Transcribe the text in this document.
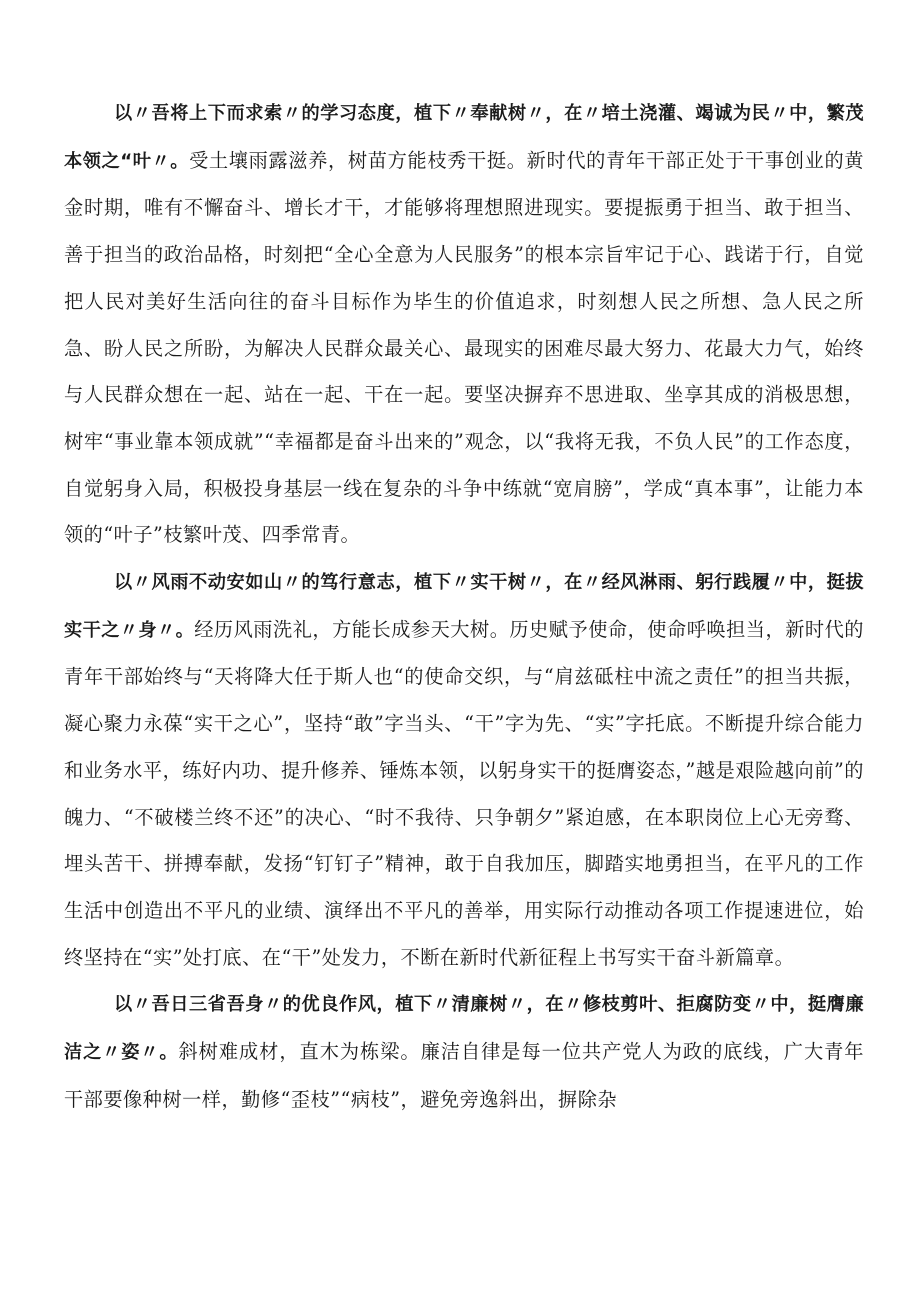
以〃吾将上下而求索〃的学习态度，植下〃奉献树〃，在〃培土浇灌、竭诚为民〃中，繁茂本领之“叶〃。受土壤雨露滋养，树苗方能枝秀干挺。新时代的青年干部正处于干事创业的黄金时期，唯有不懈奋斗、增长才干，才能够将理想照进现实。要提振勇于担当、敢于担当、善于担当的政治品格，时刻把“全心全意为人民服务”的根本宗旨牢记于心、践诺于行，自觉把人民对美好生活向往的奋斗目标作为毕生的价值追求，时刻想人民之所想、急人民之所急、盼人民之所盼，为解决人民群众最关心、最现实的困难尽最大努力、花最大力气，始终与人民群众想在一起、站在一起、干在一起。要坚决摒弃不思进取、坐享其成的消极思想，树牢“事业靠本领成就”“幸福都是奋斗出来的”观念，以“我将无我，不负人民”的工作态度，自觉躬身入局，积极投身基层一线在复杂的斗争中练就“宽肩膀”，学成“真本事”，让能力本领的“叶子”枝繁叶茂、四季常青。

以〃风雨不动安如山〃的笃行意志，植下〃实干树〃，在〃经风淋雨、躬行践履〃中，挺拔实干之〃身〃。经历风雨洗礼，方能长成参天大树。历史赋予使命，使命呼唤担当，新时代的青年干部始终与“天将降大任于斯人也“的使命交织，与“肩兹砥柱中流之责任”的担当共振，凝心聚力永葆“实干之心”，坚持“敢”字当头、“干”字为先、“实”字托底。不断提升综合能力和业务水平，练好内功、提升修养、锤炼本领，以躬身实干的挺膺姿态，”越是艰险越向前”的魄力、“不破楼兰终不还”的决心、“时不我待、只争朝夕”紧迫感，在本职岗位上心无旁骛、埋头苦干、拼搏奉献，发扬“钉钉子”精神，敢于自我加压，脚踏实地勇担当，在平凡的工作生活中创造出不平凡的业绩、演绎出不平凡的善举，用实际行动推动各项工作提速进位，始终坚持在“实”处打底、在“干”处发力，不断在新时代新征程上书写实干奋斗新篇章。

以〃吾日三省吾身〃的优良作风，植下〃清廉树〃，在〃修枝剪叶、拒腐防变〃中，挺膺廉洁之〃姿〃。斜树难成材，直木为栋梁。廉洁自律是每一位共产党人为政的底线，广大青年干部要像种树一样，勤修“歪枝”“病枝”，避免旁逸斜出，摒除杂
